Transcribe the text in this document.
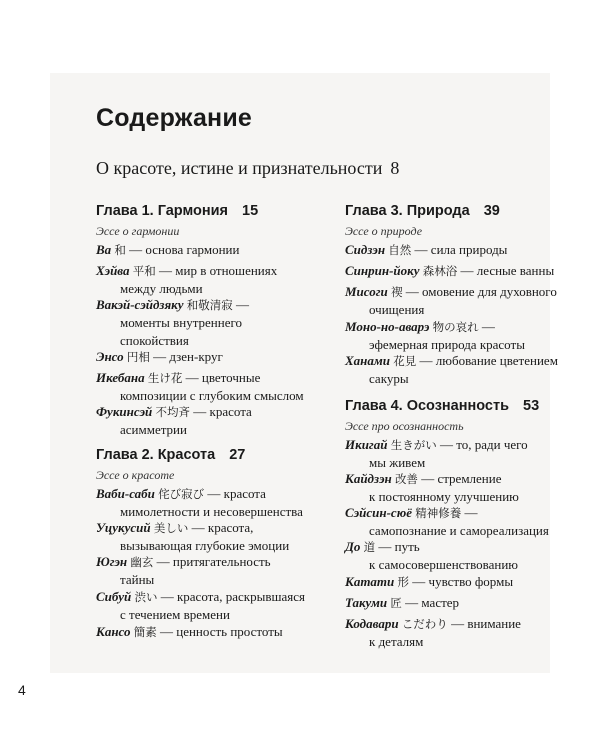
Содержание
О красоте, истине и признательности 8
Глава 1. Гармония 15
Эссе о гармонии
Ва 和 — основа гармонии
Хэйва 平和 — мир в отношениях
между людьми
Вакэй-сэйдзяку 和敬清寂 —
моменты внутреннего
спокойствия
Энсо 円相 — дзен-круг
Икебана 生け花 — цветочные
композиции с глубоким смыслом
Фукинсэй 不均斉 — красота
асимметрии
Глава 2. Красота 27
Эссе о красоте
Ваби-саби 侘び寂び — красота
мимолетности и несовершенства
Уцукусий 美しい — красота,
вызывающая глубокие эмоции
Югэн 幽玄 — притягательность
тайны
Сибуй 渋い — красота, раскрывшаяся
с течением времени
Кансо 簡素 — ценность простоты
Глава 3. Природа 39
Эссе о природе
Сидзэн 自然 — сила природы
Синрин-йоку 森林浴 — лесные ванны
Мисоги 禊 — омовение для духовного
очищения
Моно-но-аварэ 物の哀れ —
эфемерная природа красоты
Ханами 花見 — любование цветением
сакуры
Глава 4. Осознанность 53
Эссе про осознанность
Икигай 生きがい — то, ради чего
мы живем
Кайдзэн 改善 — стремление
к постоянному улучшению
Сэйсин-сюё 精神修養 —
самопознание и самореализация
До 道 — путь
к самосовершенствованию
Катати 形 — чувство формы
Такуми 匠 — мастер
Кодавари こだわり — внимание
к деталям
4
